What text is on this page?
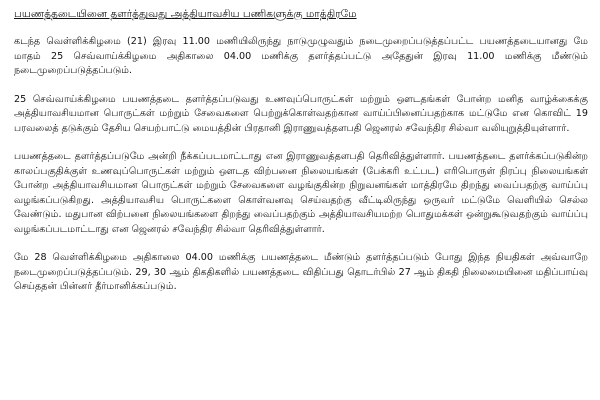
பயணத்தடையினை தளர்த்துவது அத்தியாவசிய பணிகளுக்கு மாத்திரமே

கடந்த வெள்ளிக்கிழமை (21) இரவு 11.00 மணியிலிருந்து நாடுமுழுவதும் நடைமுறைப்படுத்தப்பட்ட பயணத்தடையானது மே மாதம் 25 செவ்வாய்க்கிழமை அதிகாலை 04.00 மணிக்கு தளர்த்தப்பட்டு அதேதுன் இரவு 11.00 மணிக்கு மீண்டும் நடைமுறைப்படுத்தப்படும்.

25 செவ்வாய்க்கிழமை பயணத்தடை தளர்த்தப்படுவது உணவுப்பொருட்கள் மற்றும் ஔடதங்கள் போன்ற மனித வாழ்க்கைக்கு அத்தியாவசியமான பொருட்கள் மற்றும் சேவைகளை பெற்றுக்கொள்வதற்கான வாய்ப்பினைப்பதற்காக மட்டுமே என கொவிட் 19 பரவலைத் தடுக்கும் தேசிய செயற்பாட்டு மையத்தின் பிரதானி இராணுவத்தளபதி ஜெனரல் சவேந்திர சில்வா வலியுறுத்தியுள்ளார்.

பயணத்தடை தளர்த்தப்படுமே அன்றி நீக்கப்படமாட்டாது என இராணுவத்தளபதி தெரிவித்துள்ளார். பயணத்தடை தளர்க்கப்படுகின்ற காலப்பகுதிக்குள் உணவுப்பொருட்கள் மற்றும் ஔடத விற்பனை நிலையங்கள் (பேக்கரி உட்பட) எரிபொருள் நிரப்பு நிலையங்கள் போன்ற அத்தியாவசியமான பொருட்கள் மற்றும் சேவைகளை வழங்குகின்ற நிறுவனங்கள் மாத்திரமே திறந்து வைப்பதற்கு வாய்ப்பு வழங்கப்படுகிறது. அத்தியாவசிய பொருட்களை கொள்வனவு செய்வதற்கு வீட்டிலிருந்து ஒருவர் மட்டுமே வெளியில் செல்ல வேண்டும். மதுபான விற்பனை நிலையங்களை திறந்து வைப்பதற்கும் அத்தியாவசியமற்ற பொதுமக்கள் ஒன்றுகூடுவதற்கும் வாய்ப்பு வழங்கப்படமாட்டாது என ஜெனரல் சவேந்திர சில்வா தெரிவித்துள்ளார்.

மே 28 வெள்ளிக்கிழமை அதிகாலை 04.00 மணிக்கு பயணத்தடை மீண்டும் தளர்த்தப்படும் போது இந்த நியதிகள் அவ்வாறே நடைமுறைப்படுத்தப்படும். 29, 30 ஆம் திகதிகளில் பயணத்தடை விதிப்பது தொடர்பில் 27 ஆம் திகதி நிலைமையினை மதிப்பாய்வு செய்ததன் பின்னர் தீர்மானிக்கப்படும்.
